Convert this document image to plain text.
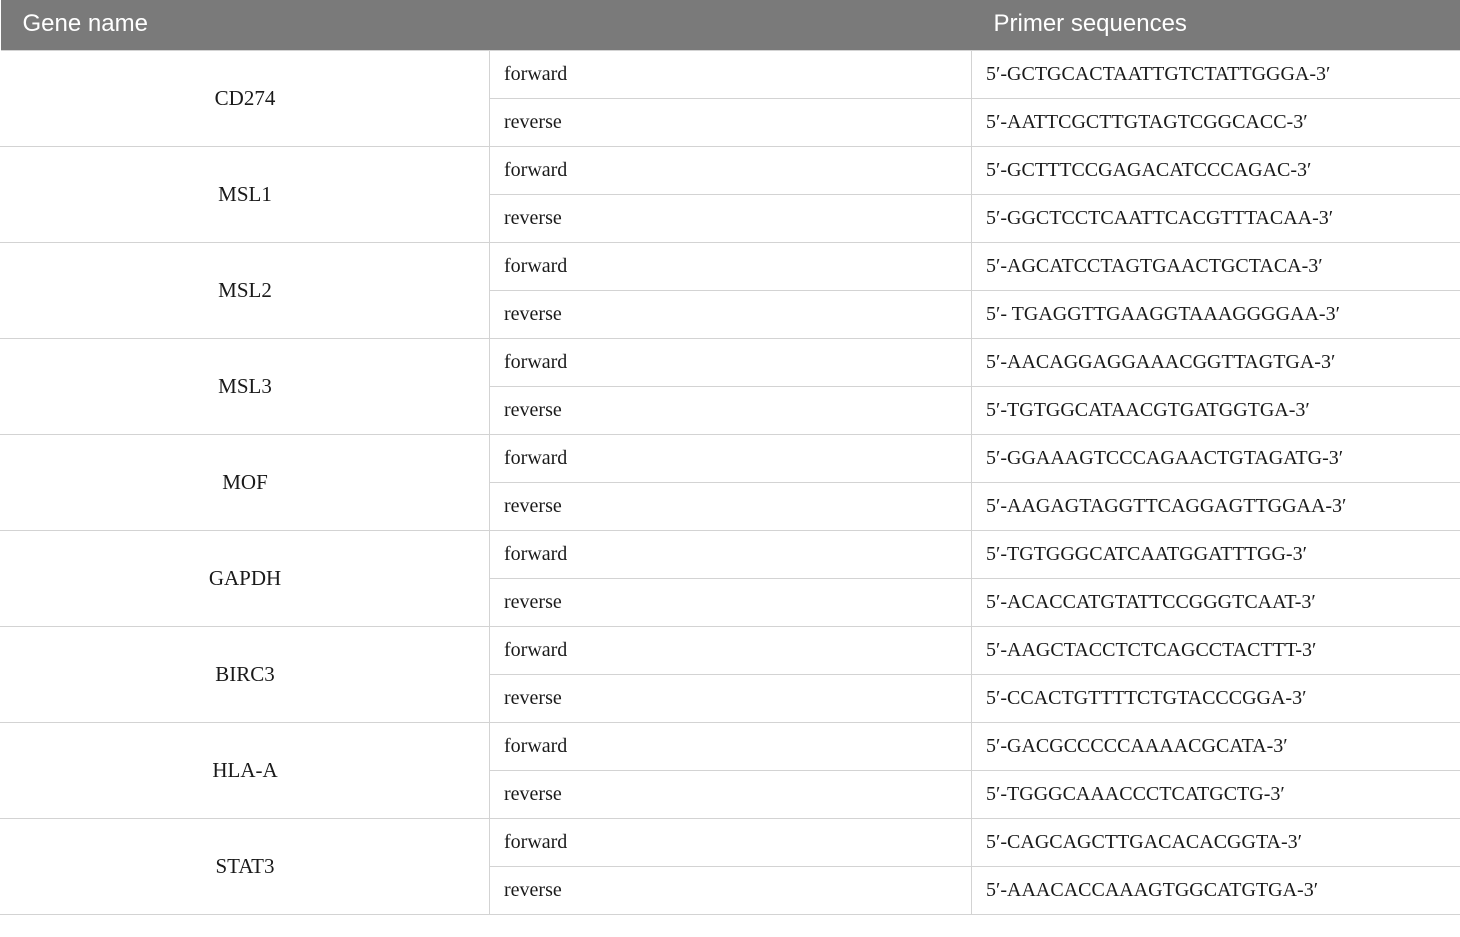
Gene name		Primer sequences
CD274	forward	5′-GCTGCACTAATTGTCTATTGGGA-3′
	reverse	5′-AATTCGCTTGTAGTCGGCACC-3′
MSL1	forward	5′-GCTTTCCGAGACATCCCAGAC-3′
	reverse	5′-GGCTCCTCAATTCACGTTTACAA-3′
MSL2	forward	5′-AGCATCCTAGTGAACTGCTACA-3′
	reverse	5′- TGAGGTTGAAGGTAAAGGGGAA-3′
MSL3	forward	5′-AACAGGAGGAAACGGTTAGTGA-3′
	reverse	5′-TGTGGCATAACGTGATGGTGA-3′
MOF	forward	5′-GGAAAGTCCCAGAACTGTAGATG-3′
	reverse	5′-AAGAGTAGGTTCAGGAGTTGGAA-3′
GAPDH	forward	5′-TGTGGGCATCAATGGATTTGG-3′
	reverse	5′-ACACCATGTATTCCGGGTCAAT-3′
BIRC3	forward	5′-AAGCTACCTCTCAGCCTACTTT-3′
	reverse	5′-CCACTGTTTTCTGTACCCGGA-3′
HLA-A	forward	5′-GACGCCCCCAAAACGCATA-3′
	reverse	5′-TGGGCAAACCCTCATGCTG-3′
STAT3	forward	5′-CAGCAGCTTGACACACGGTA-3′
	reverse	5′-AAACACCAAAGTGGCATGTGA-3′
